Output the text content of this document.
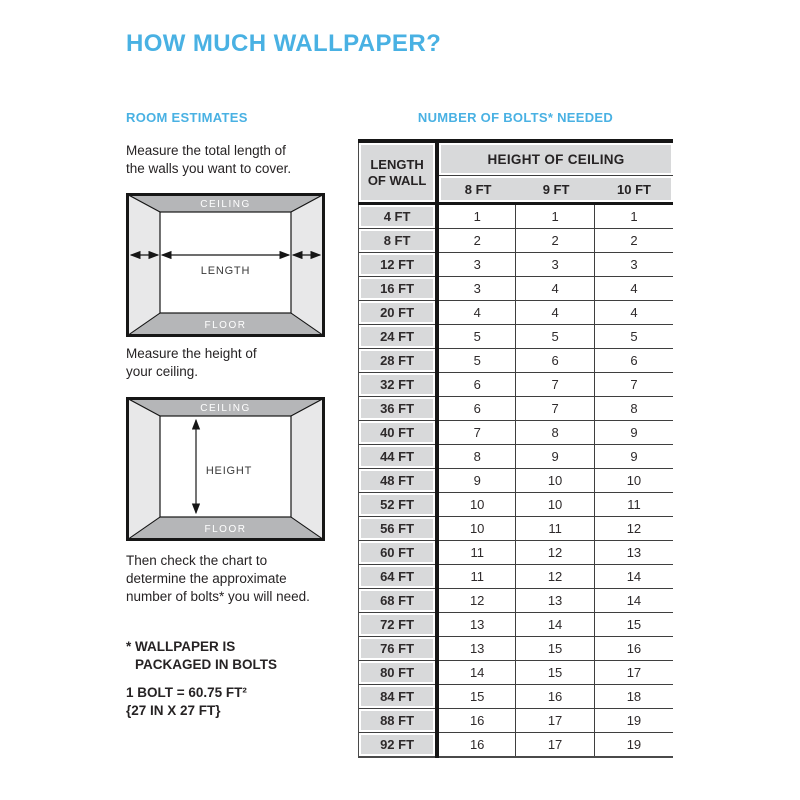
HOW MUCH WALLPAPER?
ROOM ESTIMATES

Measure the total length of
the walls you want to cover.

CEILING
FLOOR
LENGTH

Measure the height of
your ceiling.

CEILING
FLOOR
HEIGHT

Then check the chart to
determine the approximate
number of bolts* you will need.

* WALLPAPER IS
PACKAGED IN BOLTS

1 BOLT = 60.75 FT²
{27 IN X 27 FT}

NUMBER OF BOLTS* NEEDED
LENGTH
OF WALL	HEIGHT OF CEILING		

	8 FT 9 FT 10 FT		

4 FT	1	1	1
8 FT	2	2	2
12 FT	3	3	3
16 FT	3	4	4
20 FT	4	4	4
24 FT	5	5	5
28 FT	5	6	6
32 FT	6	7	7
36 FT	6	7	8
40 FT	7	8	9
44 FT	8	9	9
48 FT	9	10	10
52 FT	10	10	11
56 FT	10	11	12
60 FT	11	12	13
64 FT	11	12	14
68 FT	12	13	14
72 FT	13	14	15
76 FT	13	15	16
80 FT	14	15	17
84 FT	15	16	18
88 FT	16	17	19
92 FT	16	17	19
